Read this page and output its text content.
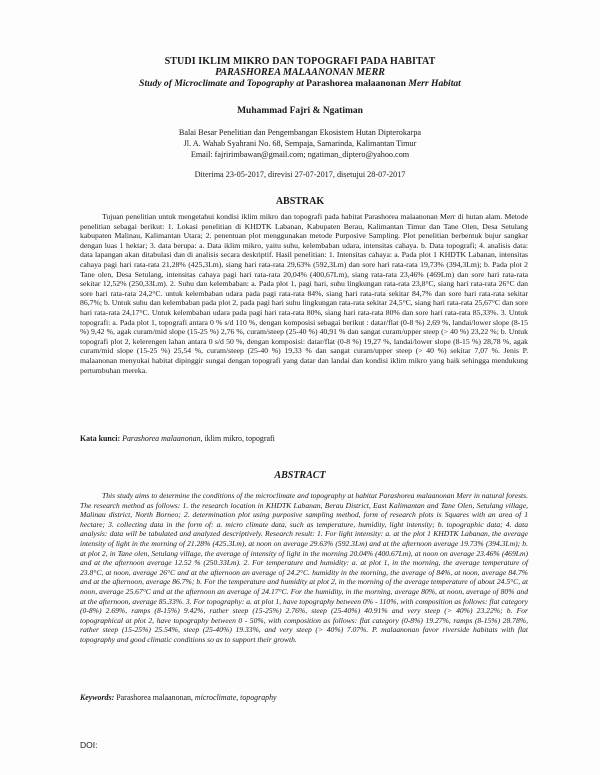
STUDI IKLIM MIKRO DAN TOPOGRAFI PADA HABITAT
PARASHOREA MALAANONAN MERR
Study of Microclimate and Topography at Parashorea malaanonan Merr Habitat
Muhammad Fajri & Ngatiman
Balai Besar Penelitian dan Pengembangan Ekosistem Hutan Dipterokarpa
Jl. A. Wahab Syahrani No. 68, Sempaja, Samarinda, Kalimantan Timur
Email: fajririmbawan@gmail.com; ngatiman_diptero@yahoo.com
Diterima 23-05-2017, direvisi 27-07-2017, disetujui 28-07-2017
ABSTRAK

Tujuan penelitian untuk mengetahui kondisi iklim mikro dan topografi pada habitat Parashorea malaanonan Merr di hutan alam. Metode penelitian sebagai berikut: 1. Lokasi penelitian di KHDTK Labanan, Kabupaten Berau, Kalimantan Timur dan Tane Olen, Desa Setulang kabupaten Malinau, Kalimantan Utara; 2. penentuan plot menggunakan metode Purposive Sampling. Plot penelitian berbentuk bujur sangkar dengan luas 1 hektar; 3. data berupa: a. Data iklim mikro, yaitu suhu, kelembaban udara, intensitas cahaya. b. Data topografi; 4. analisis data: data lapangan akan ditabulasi dan di analisis secara deskriptif. Hasil penelitian: 1. Intensitas cahaya: a. Pada plot 1 KHDTK Labanan, intensitas cahaya pagi hari rata-rata 21,28% (425,3Lm), siang hari rata-rata 29,63% (592,3Lm) dan sore hari rata-rata 19,73% (394,3Lm); b. Pada plot 2 Tane olen, Desa Setulang, intensitas cahaya pagi hari rata-rata 20,04% (400,67Lm), siang rata-rata 23,46% (469Lm) dan sore hari rata-rata sekitar 12,52% (250,33Lm). 2. Suhu dan kelembaban: a. Pada plot 1, pagi hari, suhu lingkungan rata-rata 23,8°C, siang hari rata-rata 26°C dan sore hari rata-rata 24,2°C. untuk kelembaban udara pada pagi rata-rata 84%, siang hari rata-rata sekitar 84,7% dan sore hari rata-rata sekitar 86,7%; b. Untuk suhu dan kelembaban pada plot 2, pada pagi hari suhu lingkungan rata-rata sekitar 24,5°C, siang hari rata-rata 25,67°C dan sore hari rata-rata 24,17°C. Untuk kelembaban udara pada pagi hari rata-rata 80%, siang hari rata-rata 80% dan sore hari rata-rata 85,33%. 3. Untuk topografi: a. Pada plot 1, topografi antara 0 % s/d 110 %, dengan komposisi sebagai berikut : datar/flat (0-8 %) 2,69 %, landai/lower slope (8-15 %) 9,42 %, agak curam/mid slope (15-25 %) 2,76 %, curam/steep (25-40 %) 40,91 % dan sangat curam/upper steep (> 40 %) 23,22 %; b. Untuk topografi plot 2, kelerengen lahan antara 0 s/d 50 %, dengan komposisi: datar/flat (0-8 %) 19,27 %, landai/lower slope (8-15 %) 28,78 %, agak curam/mid slope (15-25 %) 25,54 %, curam/steep (25-40 %) 19,33 % dan sangat curam/upper steep (> 40 %) sekitar 7,07 %. Jenis P. malaanonan menyukai habitat dipinggir sungai dengan topografi yang datar dan landai dan kondisi iklim mikro yang baik sehingga mendukung pertumbuhan mereka.

Kata kunci: Parashorea malaanonan, iklim mikro, topografi
ABSTRACT

This study aims to determine the conditions of the microclimate and topography at habitat Parashorea malaanonan Merr in natural forests. The research method as follows: 1. the research location in KHDTK Labanan, Berau District, East Kalimantan and Tane Olen, Setulang village, Malinau district, North Borneo; 2. determination plot using purposive sampling method, form of research plots is Squares with an area of 1 hectare; 3. collecting data in the form of: a. micro climate data, such as temperature, humidity, light intensity; b. topographic data; 4. data analysis: data will be tabulated and analyzed descriptively. Research result: 1. For light intensity: a. at the plot 1 KHDTK Labanan, the average intensity of light in the morning of 21.28% (425.3Lm), at noon on average 29.63% (592.3Lm) and at the afternoon average 19.73% (394.3Lm); b. at plot 2, in Tane olen, Setulang village, the average of intensity of light in the morning 20.04% (400.67Lm), at noon on average 23.46% (469Lm) and at the afternoon average 12.52 % (250.33Lm). 2. For temperature and humidity: a. at plot 1, in the morning, the average temperature of 23.8°C, at noon, average 26°C and at the afternoon an average of 24.2°C. humidity in the morning, the average of 84%, at noon, average 84.7% and at the afternoon, average 86.7%; b. For the temperature and humidity at plot 2, in the morning of the average temperature of about 24.5°C, at noon, average 25.67°C and at the afternoon an average of 24.17°C. For the humidity, in the morning, average 80%, at noon, average of 80% and at the afternoon, average 85.33%. 3. For topography: a. at plot 1, have topography between 0% - 110%, with composition as follows: flat category (0-8%) 2.69%, ramps (8-15%) 9.42%, rather steep (15-25%) 2.76%, steep (25-40%) 40.91% and very steep (> 40%) 23.22%; b. For topographical at plot 2, have topography between 0 - 50%, with composition as follows: flat category (0-8%) 19.27%, ramps (8-15%) 28.78%, rather steep (15-25%) 25.54%, steep (25-40%) 19.33%, and very steep (> 40%) 7.07%. P. malaanonan favor riverside habitats with flat topography and good climatic conditions so as to support their growth.

Keywords: Parashorea malaanonan, microclimate, topography
DOI:
